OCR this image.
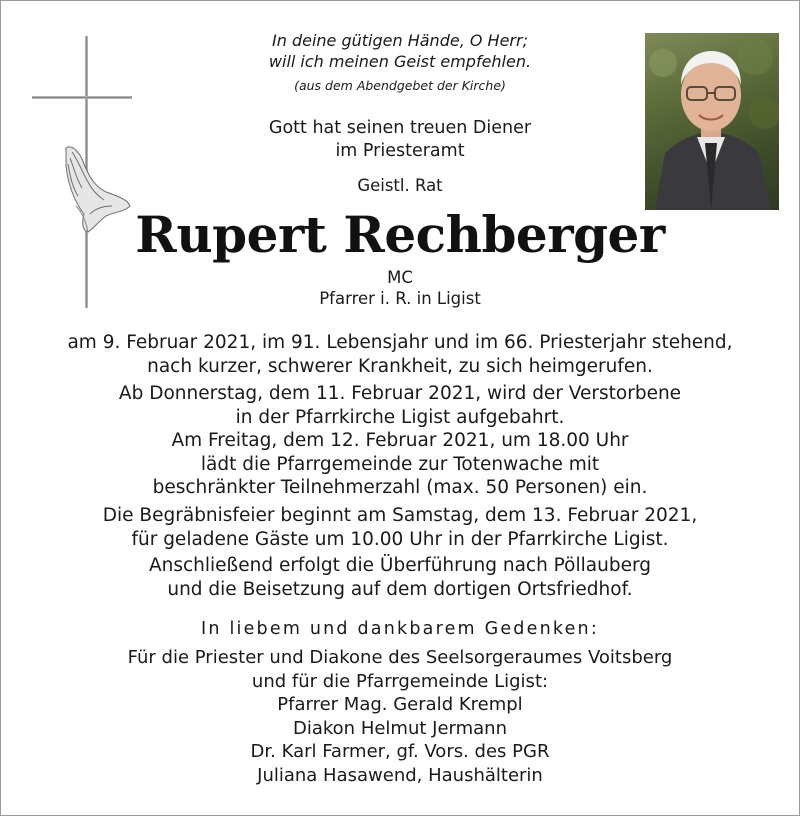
In deine gütigen Hände, O Herr;
will ich meinen Geist empfehlen.
(aus dem Abendgebet der Kirche)
Gott hat seinen treuen Diener
im Priesteramt
Geistl. Rat
Rupert Rechberger
MC
Pfarrer i. R. in Ligist
am 9. Februar 2021, im 91. Lebensjahr und im 66. Priesterjahr stehend,
nach kurzer, schwerer Krankheit, zu sich heimgerufen.
Ab Donnerstag, dem 11. Februar 2021, wird der Verstorbene
in der Pfarrkirche Ligist aufgebahrt.
Am Freitag, dem 12. Februar 2021, um 18.00 Uhr
lädt die Pfarrgemeinde zur Totenwache mit
beschränkter Teilnehmerzahl (max. 50 Personen) ein.
Die Begräbnisfeier beginnt am Samstag, dem 13. Februar 2021,
für geladene Gäste um 10.00 Uhr in der Pfarrkirche Ligist.
Anschließend erfolgt die Überführung nach Pöllauberg
und die Beisetzung auf dem dortigen Ortsfriedhof.
In liebem und dankbarem Gedenken:
Für die Priester und Diakone des Seelsorgeraumes Voitsberg
und für die Pfarrgemeinde Ligist:
Pfarrer Mag. Gerald Krempl
Diakon Helmut Jermann
Dr. Karl Farmer, gf. Vors. des PGR
Juliana Hasawend, Haushälterin
